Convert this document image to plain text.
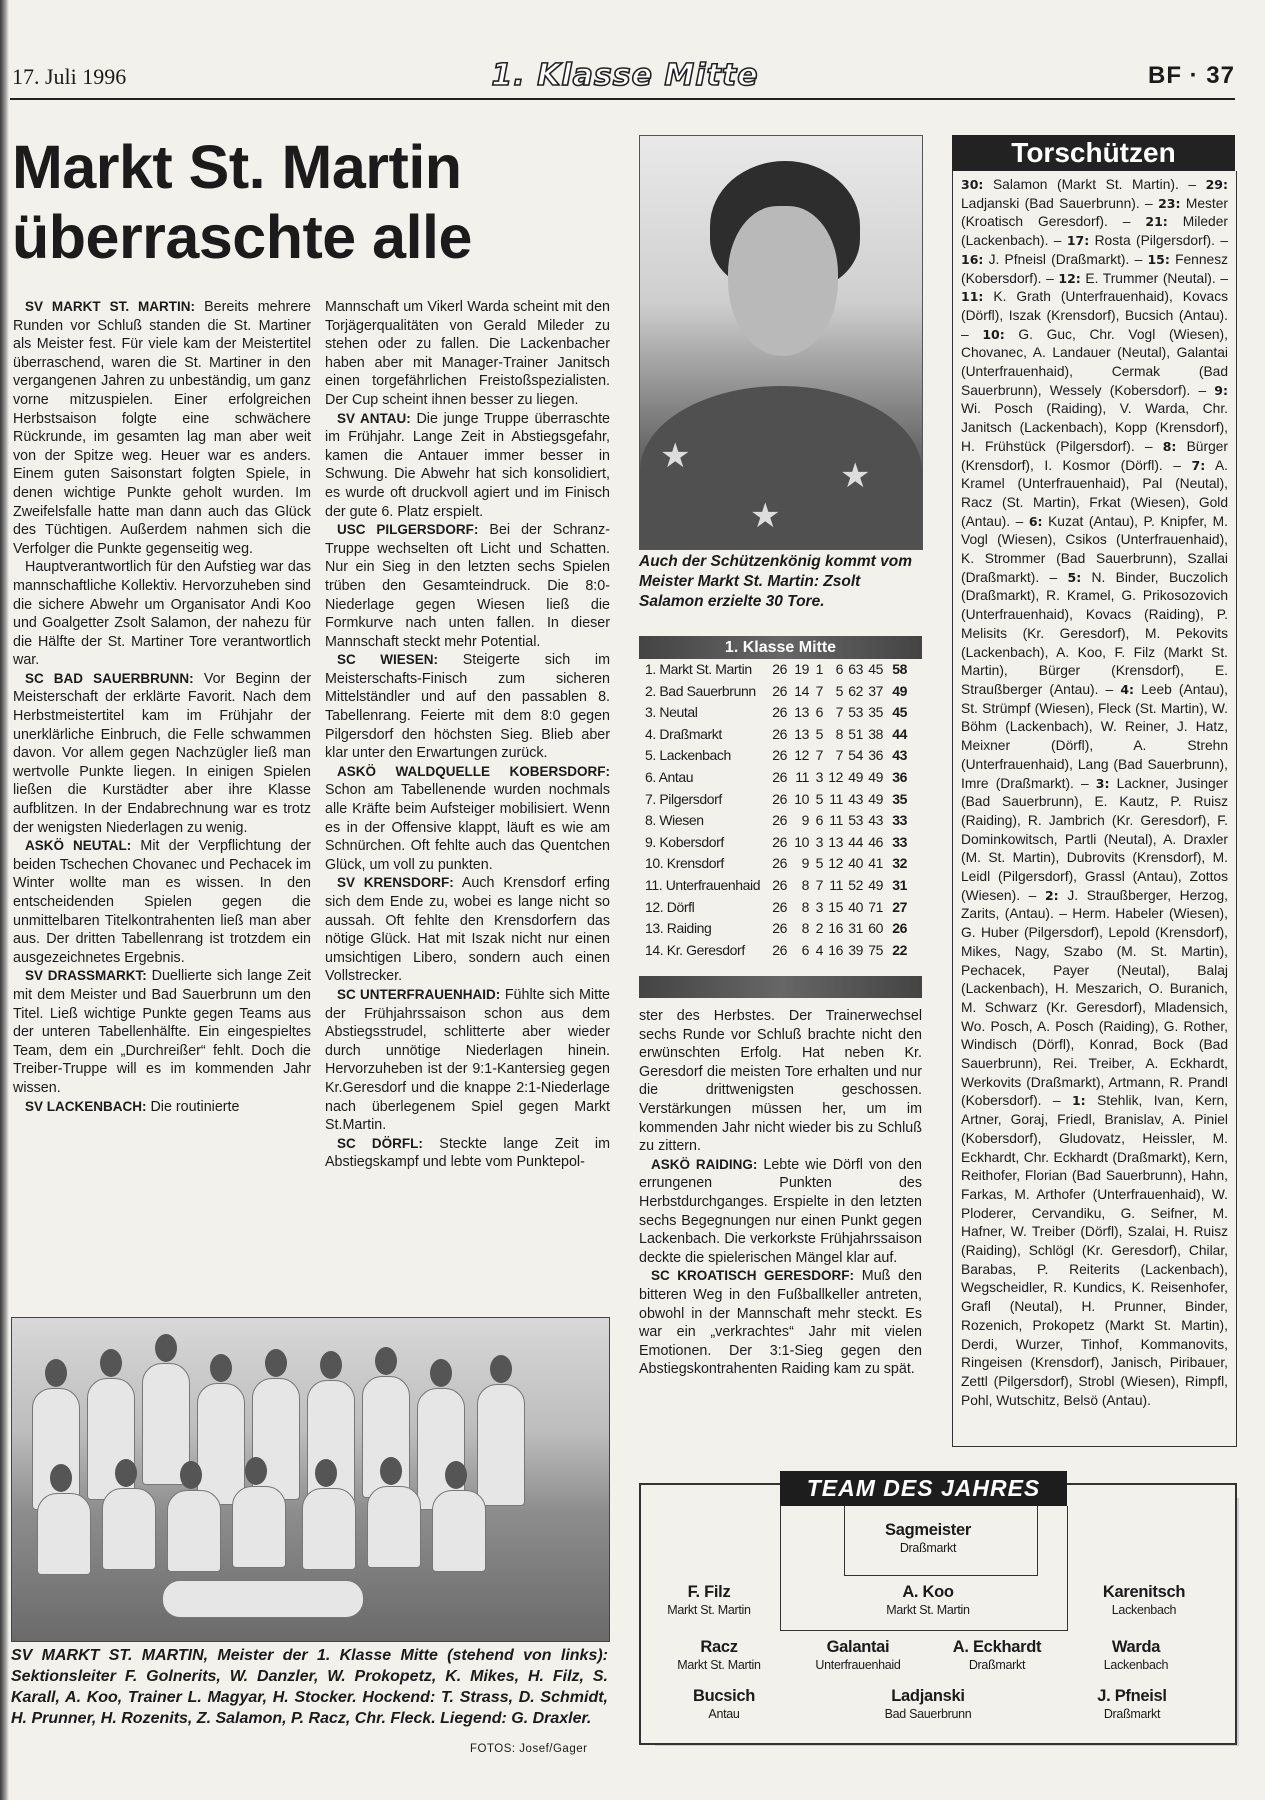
17. Juli 1996	1. Klasse Mitte	BF · 37
Markt St. Martin
überraschte alle

SV MARKT ST. MARTIN: Bereits mehrere Runden vor Schluß standen die St. Martiner als Meister fest. Für viele kam der Meistertitel überraschend, waren die St. Martiner in den vergangenen Jahren zu unbeständig, um ganz vorne mitzuspielen. Einer erfolgreichen Herbstsaison folgte eine schwächere Rückrunde, im gesamten lag man aber weit von der Spitze weg. Heuer war es anders. Einem guten Saisonstart folgten Spiele, in denen wichtige Punkte geholt wurden. Im Zweifelsfalle hatte man dann auch das Glück des Tüchtigen. Außerdem nahmen sich die Verfolger die Punkte gegenseitig weg.

Hauptverantwortlich für den Aufstieg war das mannschaftliche Kollektiv. Hervorzuheben sind die sichere Abwehr um Organisator Andi Koo und Goalgetter Zsolt Salamon, der nahezu für die Hälfte der St. Martiner Tore verantwortlich war.

SC BAD SAUERBRUNN: Vor Beginn der Meisterschaft der erklärte Favorit. Nach dem Herbstmeistertitel kam im Frühjahr der unerklärliche Einbruch, die Felle schwammen davon. Vor allem gegen Nachzügler ließ man wertvolle Punkte liegen. In einigen Spielen ließen die Kurstädter aber ihre Klasse aufblitzen. In der Endabrechnung war es trotz der wenigsten Niederlagen zu wenig.

ASKÖ NEUTAL: Mit der Verpflichtung der beiden Tschechen Chovanec und Pechacek im Winter wollte man es wissen. In den entscheidenden Spielen gegen die unmittelbaren Titelkontrahenten ließ man aber aus. Der dritten Tabellenrang ist trotzdem ein ausgezeichnetes Ergebnis.

SV DRASSMARKT: Duellierte sich lange Zeit mit dem Meister und Bad Sauerbrunn um den Titel. Ließ wichtige Punkte gegen Teams aus der unteren Tabellenhälfte. Ein eingespieltes Team, dem ein „Durchreißer“ fehlt. Doch die Treiber-Truppe will es im kommenden Jahr wissen.

SV LACKENBACH: Die routinierte

Mannschaft um Vikerl Warda scheint mit den Torjägerqualitäten von Gerald Mileder zu stehen oder zu fallen. Die Lackenbacher haben aber mit Manager-Trainer Janitsch einen torgefährlichen Freistoßspezialisten. Der Cup scheint ihnen besser zu liegen.

SV ANTAU: Die junge Truppe überraschte im Frühjahr. Lange Zeit in Abstiegsgefahr, kamen die Antauer immer besser in Schwung. Die Abwehr hat sich konsolidiert, es wurde oft druckvoll agiert und im Finisch der gute 6. Platz erspielt.

USC PILGERSDORF: Bei der Schranz-Truppe wechselten oft Licht und Schatten. Nur ein Sieg in den letzten sechs Spielen trüben den Gesamteindruck. Die 8:0-Niederlage gegen Wiesen ließ die Formkurve nach unten fallen. In dieser Mannschaft steckt mehr Potential.

SC WIESEN: Steigerte sich im Meisterschafts-Finisch zum sicheren Mittelständler und auf den passablen 8. Tabellenrang. Feierte mit dem 8:0 gegen Pilgersdorf den höchsten Sieg. Blieb aber klar unter den Erwartungen zurück.

ASKÖ WALDQUELLE KOBERSDORF: Schon am Tabellenende wurden nochmals alle Kräfte beim Aufsteiger mobilisiert. Wenn es in der Offensive klappt, läuft es wie am Schnürchen. Oft fehlte auch das Quentchen Glück, um voll zu punkten.

SV KRENSDORF: Auch Krensdorf erfing sich dem Ende zu, wobei es lange nicht so aussah. Oft fehlte den Krensdorfern das nötige Glück. Hat mit Iszak nicht nur einen umsichtigen Libero, sondern auch einen Vollstrecker.

SC UNTERFRAUENHAID: Fühlte sich Mitte der Frühjahrssaison schon aus dem Abstiegsstrudel, schlitterte aber wieder durch unnötige Niederlagen hinein. Hervorzuheben ist der 9:1-Kantersieg gegen Kr.Geresdorf und die knappe 2:1-Niederlage nach überlegenem Spiel gegen Markt St.Martin.

SC DÖRFL: Steckte lange Zeit im Abstiegskampf und lebte vom Punktepol-

ster des Herbstes. Der Trainerwechsel sechs Runde vor Schluß brachte nicht den erwünschten Erfolg. Hat neben Kr. Geresdorf die meisten Tore erhalten und nur die drittwenigsten geschossen. Verstärkungen müssen her, um im kommenden Jahr nicht wieder bis zu Schluß zu zittern.

ASKÖ RAIDING: Lebte wie Dörfl von den errungenen Punkten des Herbstdurchganges. Erspielte in den letzten sechs Begegnungen nur einen Punkt gegen Lackenbach. Die verkorkste Frühjahrssaison deckte die spielerischen Mängel klar auf.

SC KROATISCH GERESDORF: Muß den bitteren Weg in den Fußballkeller antreten, obwohl in der Mannschaft mehr steckt. Es war ein „verkrachtes“ Jahr mit vielen Emotionen. Der 3:1-Sieg gegen den Abstiegskontrahenten Raiding kam zu spät.

★
★
★
Auch der Schützenkönig kommt vom Meister Markt St. Martin: Zsolt Salamon erzielte 30 Tore.
1. Klasse Mitte
1. Markt St. Martin	26 19 1 6 63 45 58
2. Bad Sauerbrunn	26 14 7 5 62 37 49
3. Neutal	26 13 6 7 53 35 45
4. Draßmarkt	26 13 5 8 51 38 44
5. Lackenbach	26 12 7 7 54 36 43
6. Antau	26 11 3 12 49 49 36
7. Pilgersdorf	26 10 5 11 43 49 35
8. Wiesen	26	9 6 11 53 43 33
9. Kobersdorf	26 10 3 13 44 46 33
10. Krensdorf	26	9 5 12 40 41 32
11. Unterfrauenhaid 26	8 7 11 52 49 31
12. Dörfl	26	8 3 15 40 71 27
13. Raiding	26	8 2 16 31 60 26
14. Kr. Geresdorf	26	6 4 16 39 75 22
Torschützen
30: Salamon (Markt St. Martin). – 29: Ladjanski (Bad Sauerbrunn). – 23: Mester (Kroatisch Geresdorf). – 21: Mileder (Lackenbach). – 17: Rosta (Pilgersdorf). – 16: J. Pfneisl (Draßmarkt). – 15: Fennesz (Kobersdorf). – 12: E. Trummer (Neutal). – 11: K. Grath (Unterfrauenhaid), Kovacs (Dörfl), Iszak (Krensdorf), Bucsich (Antau). – 10: G. Guc, Chr. Vogl (Wiesen), Chovanec, A. Landauer (Neutal), Galantai (Unterfrauenhaid), Cermak (Bad Sauerbrunn), Wessely (Kobersdorf). – 9: Wi. Posch (Raiding), V. Warda, Chr. Janitsch (Lackenbach), Kopp (Krensdorf), H. Frühstück (Pilgersdorf). – 8: Bürger (Krensdorf), I. Kosmor (Dörfl). – 7: A. Kramel (Unterfrauenhaid), Pal (Neutal), Racz (St. Martin), Frkat (Wiesen), Gold (Antau). – 6: Kuzat (Antau), P. Knipfer, M. Vogl (Wiesen), Csikos (Unterfrauenhaid), K. Strommer (Bad Sauerbrunn), Szallai (Draßmarkt). – 5: N. Binder, Buczolich (Draßmarkt), R. Kramel, G. Prikosozovich (Unterfrauenhaid), Kovacs (Raiding), P. Melisits (Kr. Geresdorf), M. Pekovits (Lackenbach), A. Koo, F. Filz (Markt St. Martin), Bürger (Krensdorf), E. Straußberger (Antau). – 4: Leeb (Antau), St. Strümpf (Wiesen), Fleck (St. Martin), W. Böhm (Lackenbach), W. Reiner, J. Hatz, Meixner (Dörfl), A. Strehn (Unterfrauenhaid), Lang (Bad Sauerbrunn), Imre (Draßmarkt). – 3: Lackner, Jusinger (Bad Sauerbrunn), E. Kautz, P. Ruisz (Raiding), R. Jambrich (Kr. Geresdorf), F. Dominkowitsch, Partli (Neutal), A. Draxler (M. St. Martin), Dubrovits (Krensdorf), M. Leidl (Pilgersdorf), Grassl (Antau), Zottos (Wiesen). – 2: J. Straußberger, Herzog, Zarits, (Antau). – Herm. Habeler (Wiesen), G. Huber (Pilgersdorf), Lepold (Krensdorf), Mikes, Nagy, Szabo (M. St. Martin), Pechacek, Payer (Neutal), Balaj (Lackenbach), H. Meszarich, O. Buranich, M. Schwarz (Kr. Geresdorf), Mladensich, Wo. Posch, A. Posch (Raiding), G. Rother, Windisch (Dörfl), Konrad, Bock (Bad Sauerbrunn), Rei. Treiber, A. Eckhardt, Werkovits (Draßmarkt), Artmann, R. Prandl (Kobersdorf). – 1: Stehlik, Ivan, Kern, Artner, Goraj, Friedl, Branislav, A. Piniel (Kobersdorf), Gludovatz, Heissler, M. Eckhardt, Chr. Eckhardt (Draßmarkt), Kern, Reithofer, Florian (Bad Sauerbrunn), Hahn, Farkas, M. Arthofer (Unterfrauenhaid), W. Ploderer, Cervandiku, G. Seifner, M. Hafner, W. Treiber (Dörfl), Szalai, H. Ruisz (Raiding), Schlögl (Kr. Geresdorf), Chilar, Barabas, P. Reiterits (Lackenbach), Wegscheidler, R. Kundics, K. Reisenhofer, Grafl (Neutal), H. Prunner, Binder, Rozenich, Prokopetz (Markt St. Martin), Derdi, Wurzer, Tinhof, Kommanovits, Ringeisen (Krensdorf), Janisch, Piribauer, Zettl (Pilgersdorf), Strobl (Wiesen), Rimpfl, Pohl, Wutschitz, Belsö (Antau).
SV MARKT ST. MARTIN, Meister der 1. Klasse Mitte (stehend von links): Sektionsleiter F. Golnerits, W. Danzler, W. Prokopetz, K. Mikes, H. Filz, S. Karall, A. Koo, Trainer L. Magyar, H. Stocker. Hockend: T. Strass, D. Schmidt, H. Prunner, H. Rozenits, Z. Salamon, P. Racz, Chr. Fleck. Liegend: G. Draxler.
FOTOS: Josef/Gager
TEAM DES JAHRES
Sagmeister
Draßmarkt
F. Filz
Markt St. Martin
A. Koo
Markt St. Martin
Karenitsch
Lackenbach
Racz
Markt St. Martin
Galantai
Unterfrauenhaid
A. Eckhardt
Draßmarkt
Warda
Lackenbach
Bucsich
Antau
Ladjanski
Bad Sauerbrunn
J. Pfneisl
Draßmarkt
